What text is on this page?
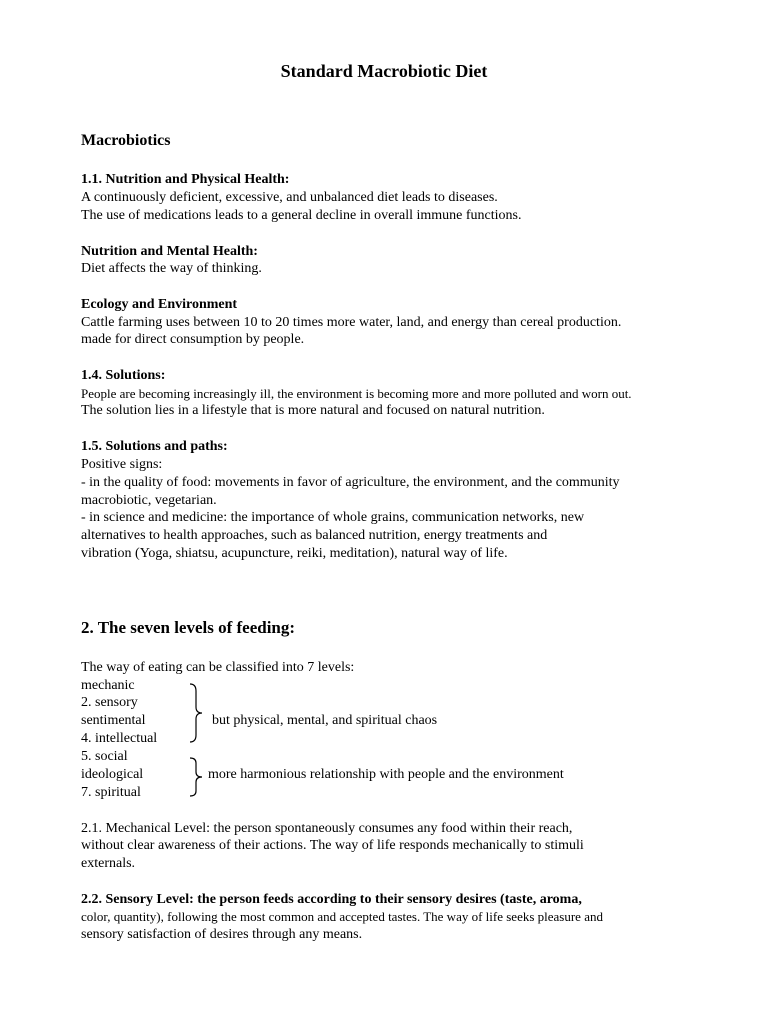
Standard Macrobiotic Diet
Macrobiotics
1.1. Nutrition and Physical Health:
A continuously deficient, excessive, and unbalanced diet leads to diseases.
The use of medications leads to a general decline in overall immune functions.
Nutrition and Mental Health:
Diet affects the way of thinking.
Ecology and Environment
Cattle farming uses between 10 to 20 times more water, land, and energy than cereal production.
made for direct consumption by people.
1.4. Solutions:
People are becoming increasingly ill, the environment is becoming more and more polluted and worn out.
The solution lies in a lifestyle that is more natural and focused on natural nutrition.
1.5. Solutions and paths:
Positive signs:
- in the quality of food: movements in favor of agriculture, the environment, and the community
macrobiotic, vegetarian.
- in science and medicine: the importance of whole grains, communication networks, new
alternatives to health approaches, such as balanced nutrition, energy treatments and
vibration (Yoga, shiatsu, acupuncture, reiki, meditation), natural way of life.
2. The seven levels of feeding:
The way of eating can be classified into 7 levels:
mechanic
2. sensory
sentimental
4. intellectual
5. social
ideological
7. spiritual
but physical, mental, and spiritual chaos
more harmonious relationship with people and the environment
2.1. Mechanical Level: the person spontaneously consumes any food within their reach,
without clear awareness of their actions. The way of life responds mechanically to stimuli
externals.
2.2. Sensory Level: the person feeds according to their sensory desires (taste, aroma,
color, quantity), following the most common and accepted tastes. The way of life seeks pleasure and
sensory satisfaction of desires through any means.
